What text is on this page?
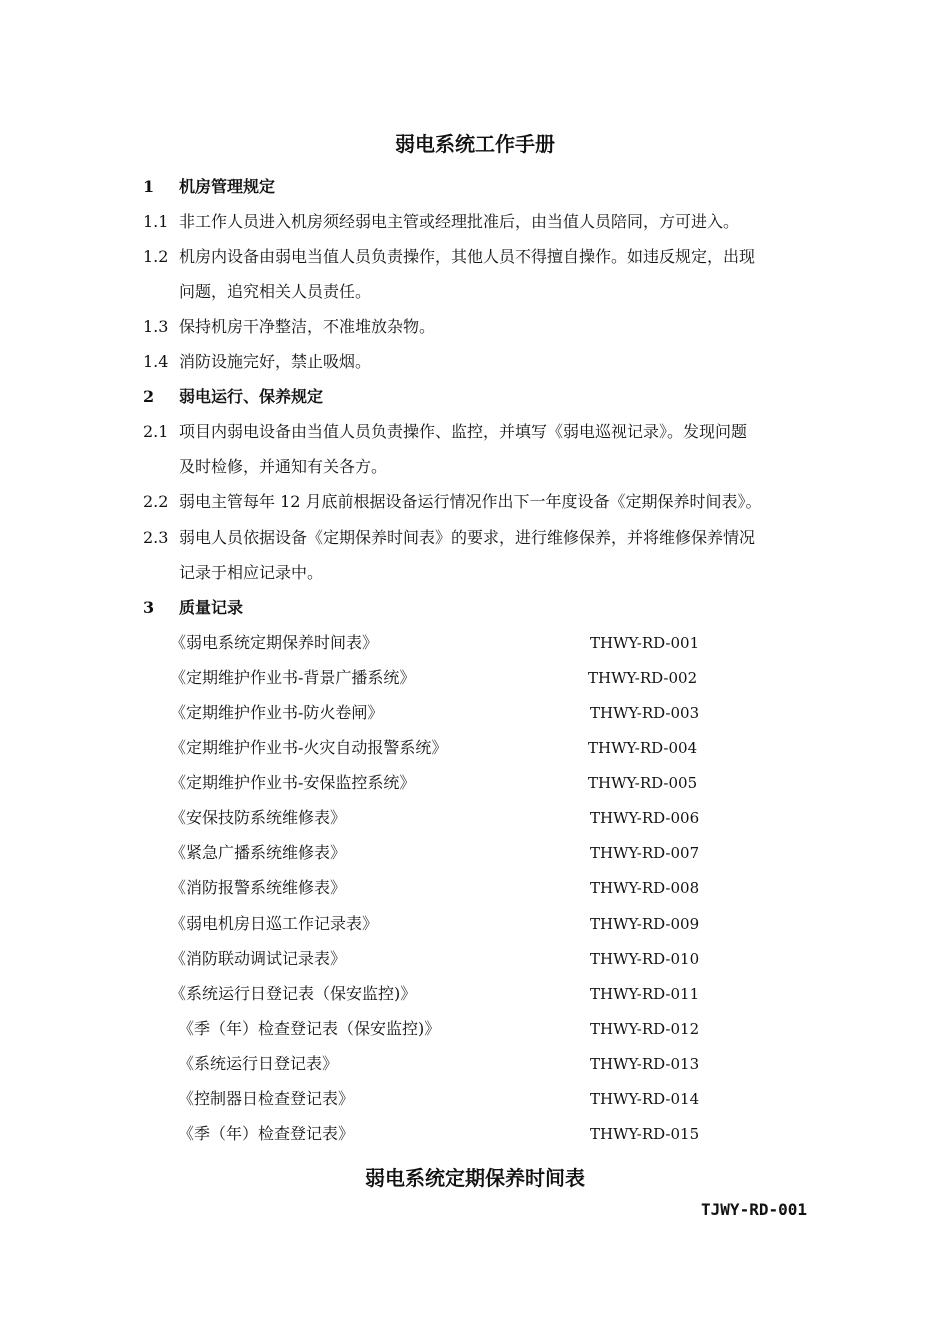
弱电系统工作手册
1 机房管理规定
1.1 非工作人员进入机房须经弱电主管或经理批准后，由当值人员陪同，方可进入。
1.2 机房内设备由弱电当值人员负责操作，其他人员不得擅自操作。如违反规定，出现
问题，追究相关人员责任。
1.3 保持机房干净整洁，不准堆放杂物。
1.4 消防设施完好，禁止吸烟。
2 弱电运行、保养规定
2.1 项目内弱电设备由当值人员负责操作、监控，并填写《弱电巡视记录》。发现问题
及时检修，并通知有关各方。
2.2 弱电主管每年 12 月底前根据设备运行情况作出下一年度设备《定期保养时间表》。
2.3 弱电人员依据设备《定期保养时间表》的要求，进行维修保养，并将维修保养情况
记录于相应记录中。
3 质量记录
《弱电系统定期保养时间表》	THWY-RD-001
《定期维护作业书-背景广播系统》	THWY-RD-002
《定期维护作业书-防火卷闸》	THWY-RD-003
《定期维护作业书-火灾自动报警系统》	THWY-RD-004
《定期维护作业书-安保监控系统》	THWY-RD-005
《安保技防系统维修表》	THWY-RD-006
《紧急广播系统维修表》	THWY-RD-007
《消防报警系统维修表》	THWY-RD-008
《弱电机房日巡工作记录表》	THWY-RD-009
《消防联动调试记录表》	THWY-RD-010
《系统运行日登记表（保安监控)》	THWY-RD-011
《季（年）检查登记表（保安监控)》	THWY-RD-012
《系统运行日登记表》	THWY-RD-013
《控制器日检查登记表》	THWY-RD-014
《季（年）检查登记表》	THWY-RD-015
弱电系统定期保养时间表
TJWY-RD-001
